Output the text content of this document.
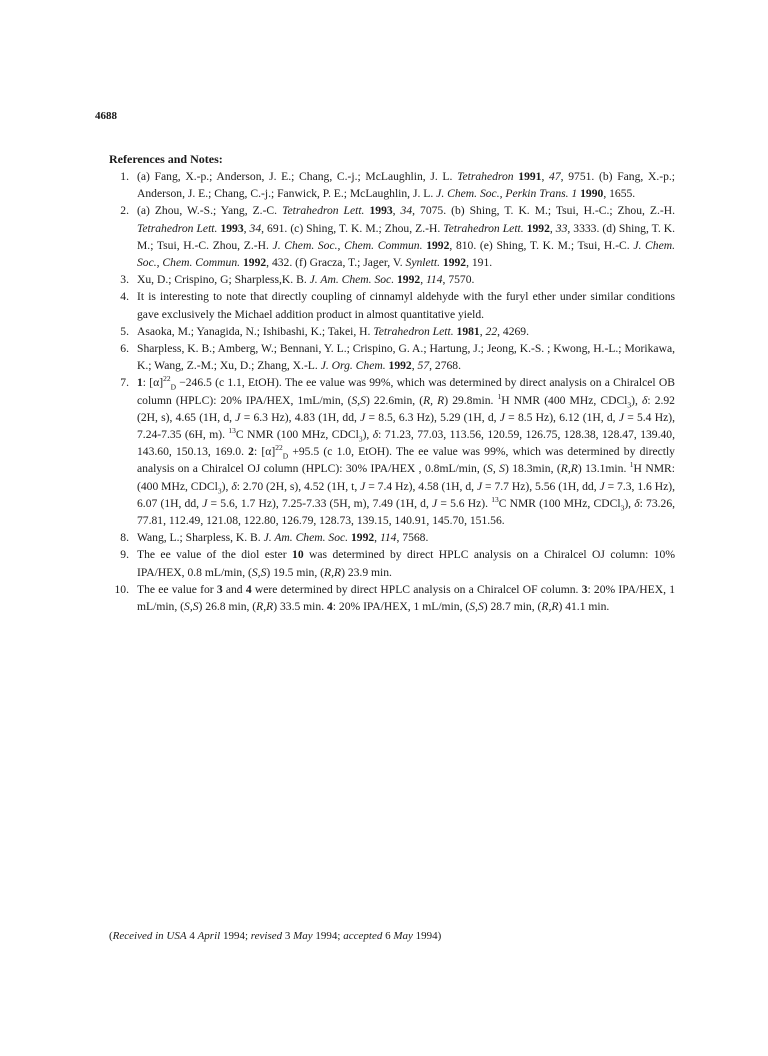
4688
References and Notes:
1 . (a) Fang, X.-p.; Anderson, J. E.; Chang, C.-j.; McLaughlin, J. L. Tetrahedron 1991, 47, 9751. (b) Fang, X.-p.; Anderson, J. E.; Chang, C.-j.; Fanwick, P. E.; McLaughlin, J. L. J. Chem. Soc., Perkin Trans. 1 1990, 1655.
2 . (a) Zhou, W.-S.; Yang, Z.-C. Tetrahedron Lett. 1993, 34, 7075. (b) Shing, T. K. M.; Tsui, H.-C.; Zhou, Z.-H. Tetrahedron Lett. 1993, 34, 691. (c) Shing, T. K. M.; Zhou, Z.-H. Tetrahedron Lett. 1992, 33, 3333. (d) Shing, T. K. M.; Tsui, H.-C. Zhou, Z.-H. J. Chem. Soc., Chem. Commun. 1992, 810. (e) Shing, T. K. M.; Tsui, H.-C. J. Chem. Soc., Chem. Commun. 1992, 432. (f) Gracza, T.; Jager, V. Synlett. 1992, 191.
3 . Xu, D.; Crispino, G; Sharpless,K. B. J. Am. Chem. Soc. 1992, 114, 7570.
4 . It is interesting to note that directly coupling of cinnamyl aldehyde with the furyl ether under similar conditions gave exclusively the Michael addition product in almost quantitative yield.
5 . Asaoka, M.; Yanagida, N.; Ishibashi, K.; Takei, H. Tetrahedron Lett. 1981, 22, 4269.
6 . Sharpless, K. B.; Amberg, W.; Bennani, Y. L.; Crispino, G. A.; Hartung, J.; Jeong, K.-S. ; Kwong, H.-L.; Morikawa, K.; Wang, Z.-M.; Xu, D.; Zhang, X.-L. J. Org. Chem. 1992, 57, 2768.
7 . 1: $[\alpha]^{22}_D -246.5$ (c 1.1, EtOH). The ee value was 99%, which was determined by direct analysis on a Chiralcel OB column (HPLC): 20% IPA/HEX, 1mL/min, (S,S) 22.6min, (R, R) 29.8min. $^1$H NMR (400 MHz, CDCl$_3$), δ: 2.92 (2H, s), 4.65 (1H, d, J = 6.3 Hz), 4.83 (1H, dd, J = 8.5, 6.3 Hz), 5.29 (1H, d, J = 8.5 Hz), 6.12 (1H, d, J = 5.4 Hz), 7.24-7.35 (6H, m). $^{13}$C NMR (100 MHz, CDCl$_3$), δ: 71.23, 77.03, 113.56, 120.59, 126.75, 128.38, 128.47, 139.40, 143.60, 150.13, 169.0. 2: $[\alpha]^{22}_D +95.5$ (c 1.0, EtOH). The ee value was 99%, which was determined by directly analysis on a Chiralcel OJ column (HPLC): 30% IPA/HEX , 0.8mL/min, (S, S) 18.3min, (R,R) 13.1min. $^1$H NMR: (400 MHz, CDCl$_3$), δ: 2.70 (2H, s), 4.52 (1H, t, J = 7.4 Hz), 4.58 (1H, d, J = 7.7 Hz), 5.56 (1H, dd, J = 7.3, 1.6 Hz), 6.07 (1H, dd, J = 5.6, 1.7 Hz), 7.25-7.33 (5H, m), 7.49 (1H, d, J = 5.6 Hz). $^{13}$C NMR (100 MHz, CDCl$_3$), δ: 73.26, 77.81, 112.49, 121.08, 122.80, 126.79, 128.73, 139.15, 140.91, 145.70, 151.56.
8 . Wang, L.; Sharpless, K. B. J. Am. Chem. Soc. 1992, 114, 7568.
9 . The ee value of the diol ester 10 was determined by direct HPLC analysis on a Chiralcel OJ column: 10% IPA/HEX, 0.8 mL/min, (S,S) 19.5 min, (R,R) 23.9 min.
10 . The ee value for 3 and 4 were determined by direct HPLC analysis on a Chiralcel OF column. 3: 20% IPA/HEX, 1 mL/min, (S,S) 26.8 min, (R,R) 33.5 min. 4: 20% IPA/HEX, 1 mL/min, (S,S) 28.7 min, (R,R) 41.1 min.
(Received in USA 4 April 1994; revised 3 May 1994; accepted 6 May 1994)
